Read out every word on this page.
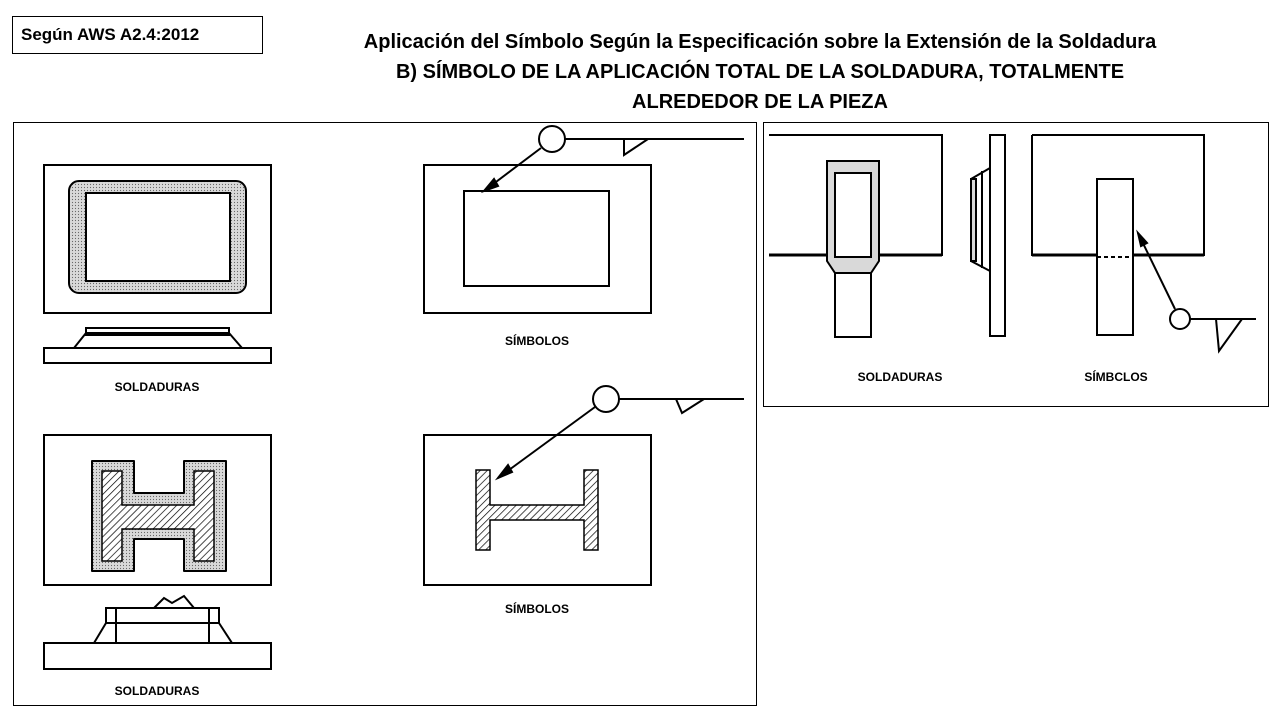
Según AWS A2.4:2012	Aplicación del Símbolo Según la Especificación sobre la Extensión de la Soldadura
B) SÍMBOLO DE LA APLICACIÓN TOTAL DE LA SOLDADURA, TOTALMENTE
ALREDEDOR DE LA PIEZA
SOLDADURAS
SÍMBOLOS
SOLDADURAS
SÍMBOLOS
SOLDADURAS	SÍMBCLOS
